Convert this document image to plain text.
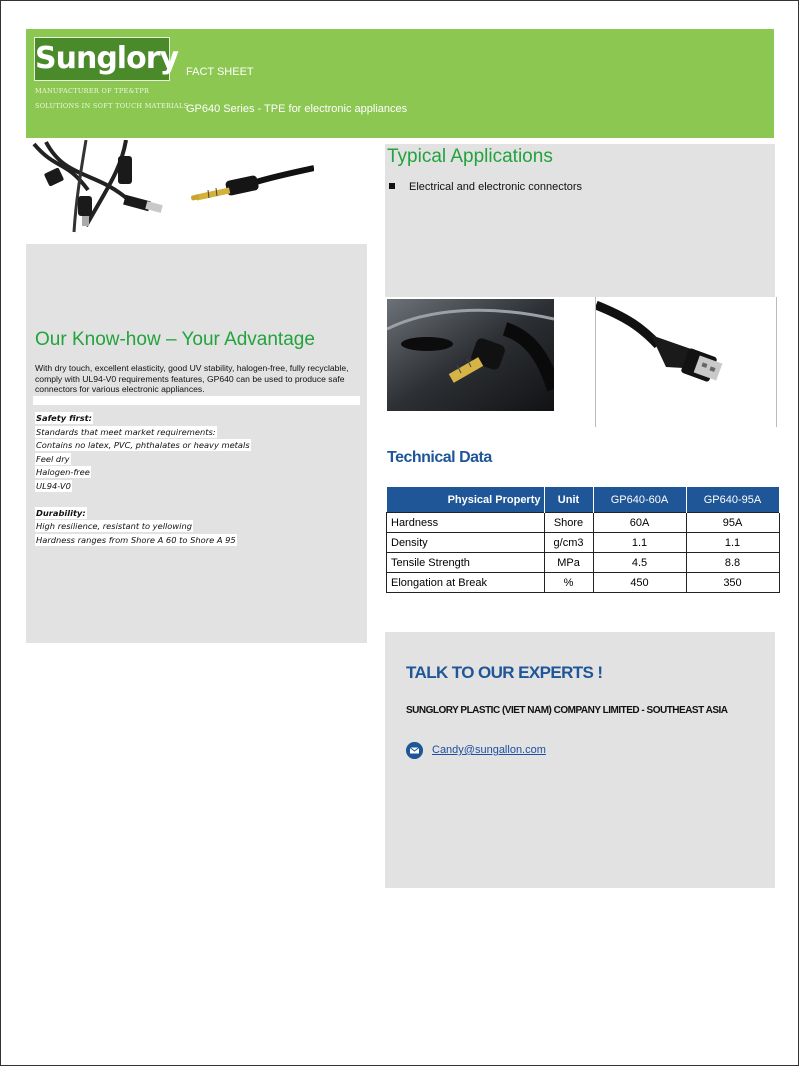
Sunglory
MANUFACTURER OF TPE&TPR
SOLUTIONS IN SOFT TOUCH MATERIALS
FACT SHEET
GP640 Series - TPE for electronic appliances
Our Know-how – Your Advantage
With dry touch, excellent elasticity, good UV stability, halogen-free, fully recyclable, comply with UL94-V0 requirements features, GP640 can be used to produce safe connectors for various electronic appliances.
Safety first:
Standards that meet market requirements:
Contains no latex, PVC, phthalates or heavy metals
Feel dry
Halogen-free
UL94-V0
Durability:
High resilience, resistant to yellowing
Hardness ranges from Shore A 60 to Shore A 95
Typical Applications
Electrical and electronic connectors
Technical Data
Physical Property	Unit	GP640-60A	GP640-95A
Hardness	Shore	60A	95A
Density	g/cm3	1.1	1.1
Tensile Strength	MPa	4.5	8.8
Elongation at Break	%	450	350
TALK TO OUR EXPERTS !
SUNGLORY PLASTIC (VIET NAM) COMPANY LIMITED - SOUTHEAST ASIA
Candy@sungallon.com
